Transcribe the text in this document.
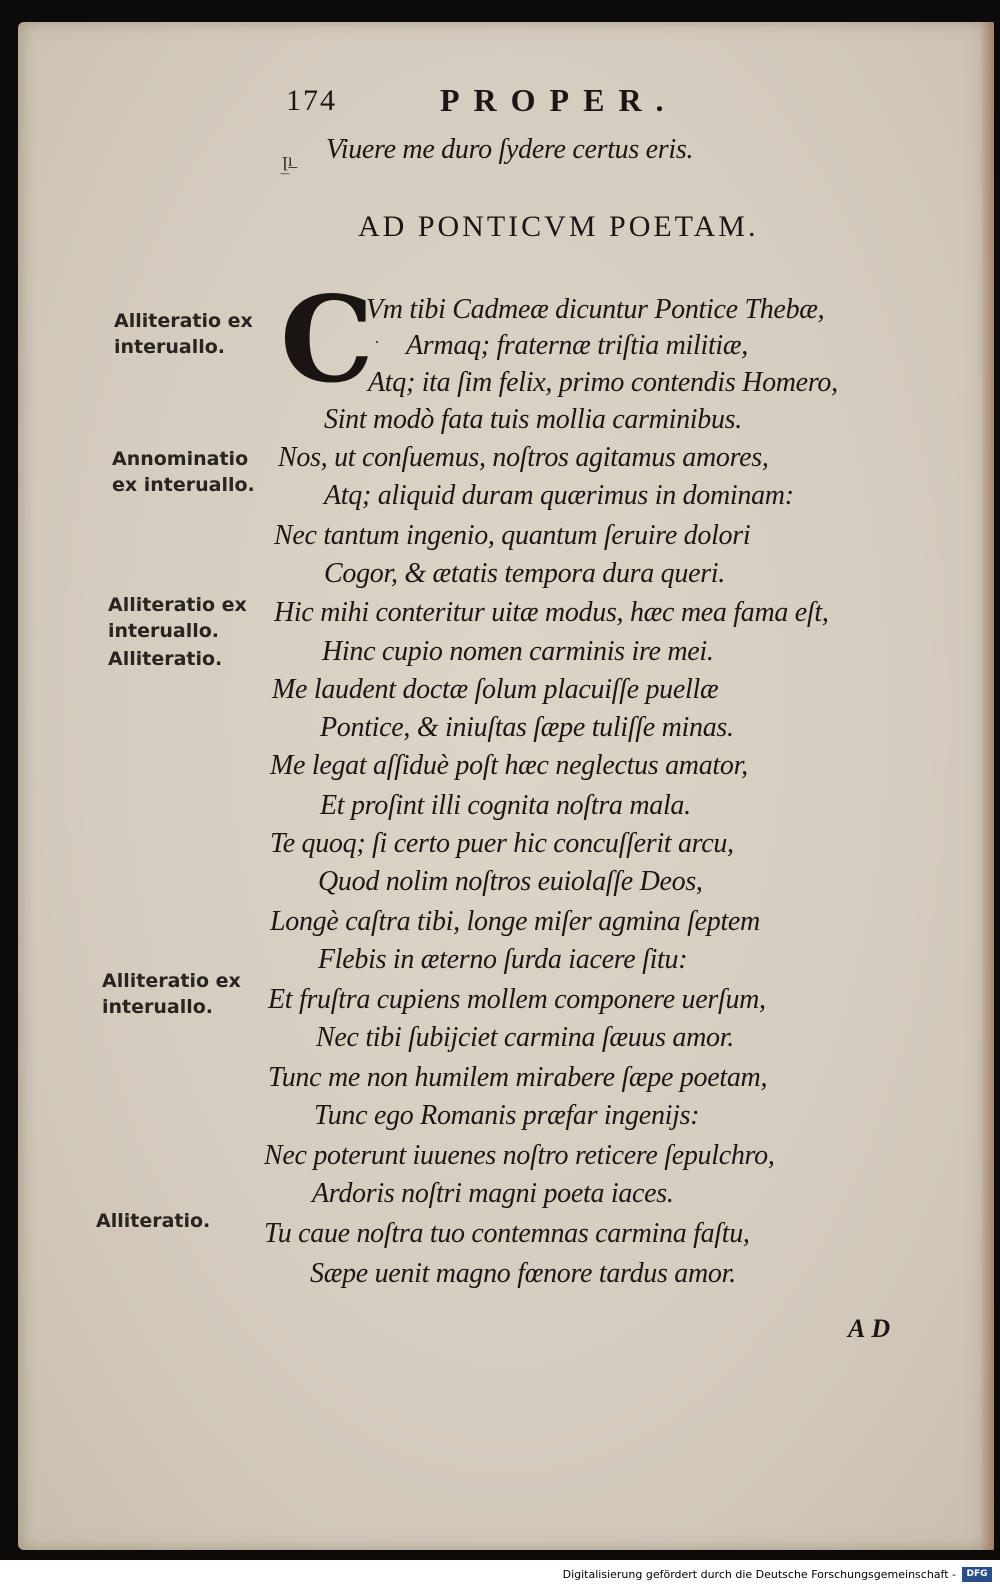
174	PROPER.
ꞁ̲ı̲ Viuere me duro ſydere certus eris.
AD PONTICVM POETAM.
C ·
Vm tibi Cadmeæ dicuntur Pontice Thebæ,
Armaq; fraternæ triſtia militiæ,
Atq; ita ſim felix, primo contendis Homero,
Sint modò fata tuis mollia carminibus.
Nos, ut conſuemus, noſtros agitamus amores,
Atq; aliquid duram quærimus in dominam:
Nec tantum ingenio, quantum ſeruire dolori
Cogor, & ætatis tempora dura queri.
Hic mihi conteritur uitæ modus, hæc mea fama eſt,
Hinc cupio nomen carminis ire mei.
Me laudent doctæ ſolum placuiſſe puellæ
Pontice, & iniuſtas ſæpe tuliſſe minas.
Me legat aſſiduè poſt hæc neglectus amator,
Et proſint illi cognita noſtra mala.
Te quoq; ſi certo puer hic concuſſerit arcu,
Quod nolim noſtros euiolaſſe Deos,
Longè caſtra tibi, longe miſer agmina ſeptem
Flebis in æterno ſurda iacere ſitu:
Et fruſtra cupiens mollem componere uerſum,
Nec tibi ſubijciet carmina ſæuus amor.
Tunc me non humilem mirabere ſæpe poetam,
Tunc ego Romanis præfar ingenijs:
Nec poterunt iuuenes noſtro reticere ſepulchro,
Ardoris noſtri magni poeta iaces.
Tu caue noſtra tuo contemnas carmina faſtu,
Sæpe uenit magno fœnore tardus amor.
Alliteratio ex
interuallo.
Annominatio
ex interuallo.
Alliteratio ex
interuallo.
Alliteratio.
Alliteratio ex
interuallo.
Alliteratio.
AD
Digitalisierung gefördert durch die Deutsche Forschungsgemeinschaft -	DFG
